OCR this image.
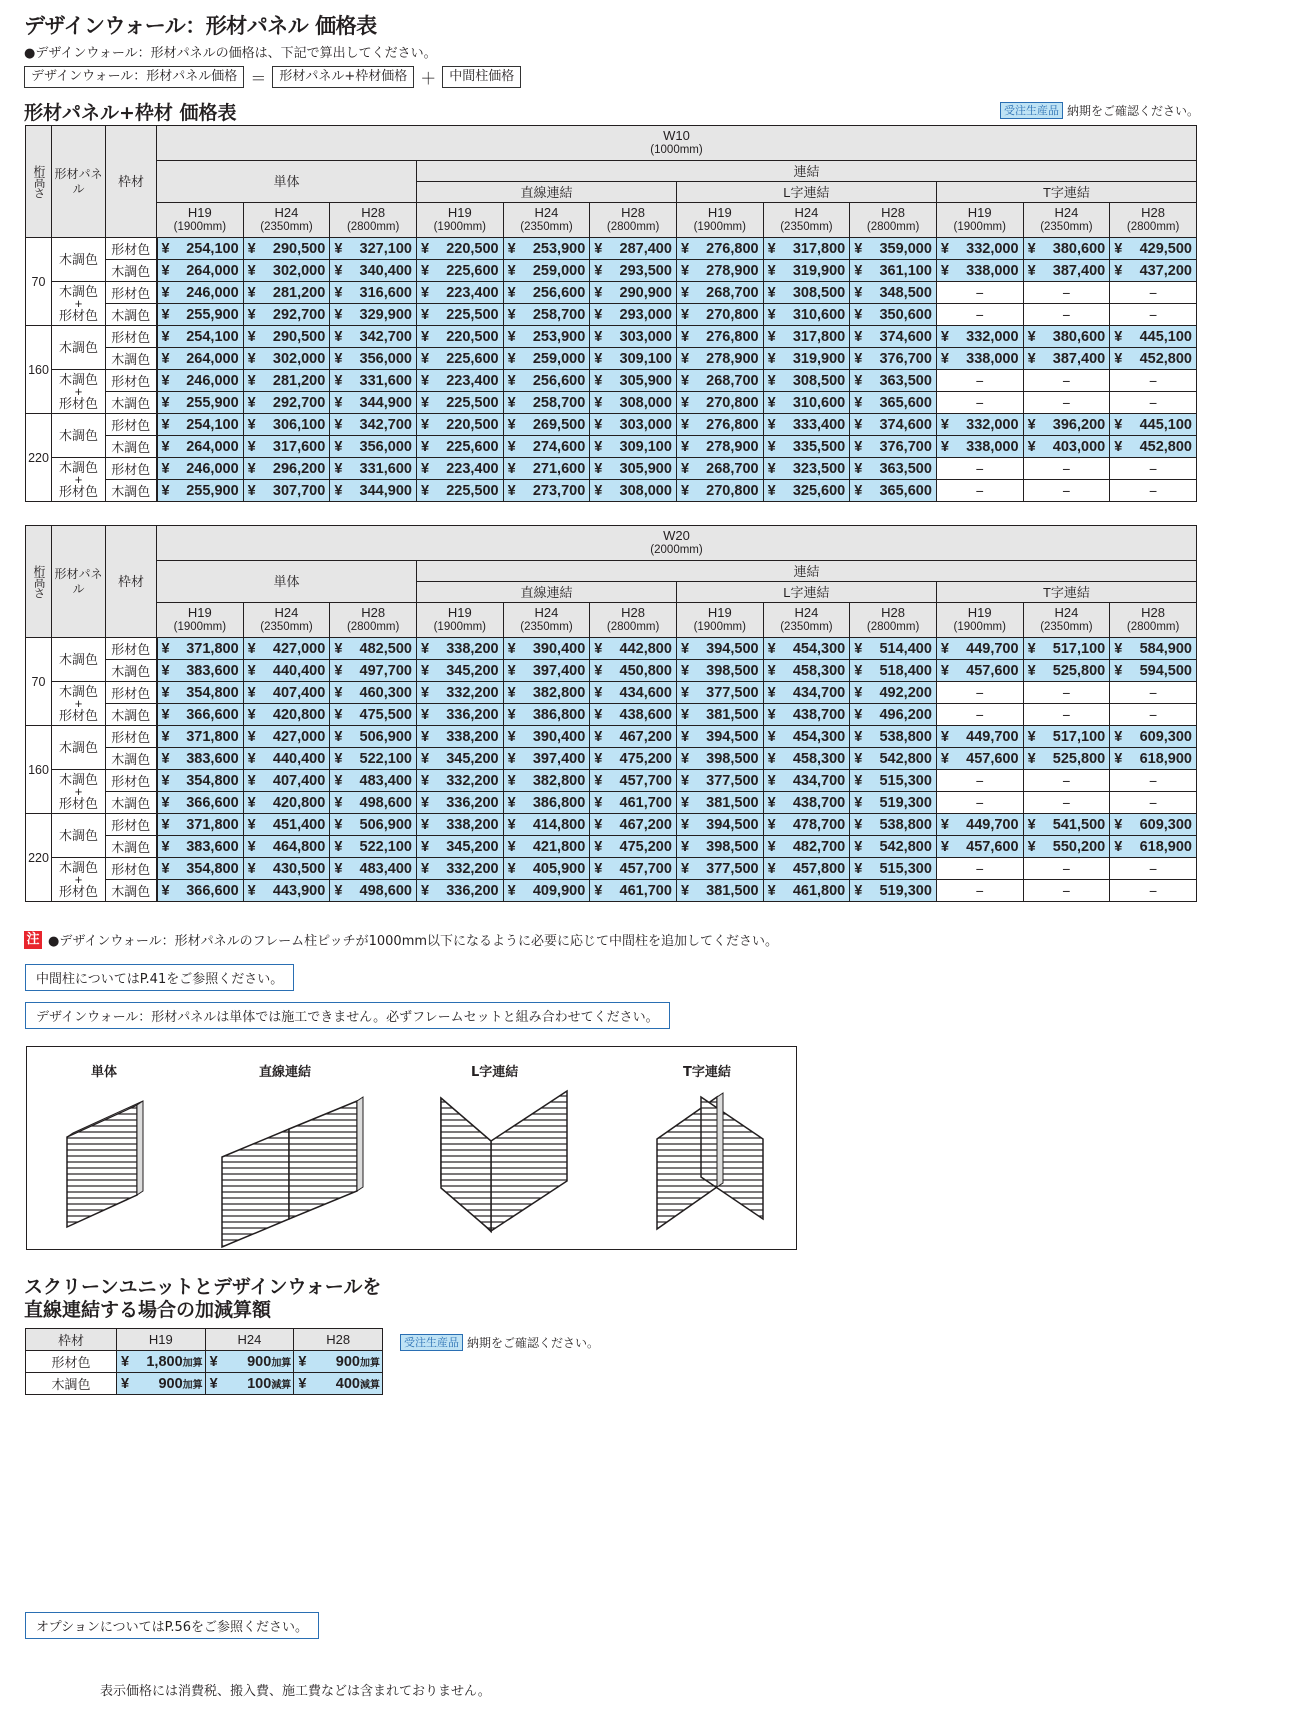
デザインウォール：形材パネル 価格表
●デザインウォール：形材パネルの価格は、下記で算出してください。
デザインウォール：形材パネル価格 ＝	形材パネル+枠材価格 ＋	中間柱価格
形材パネル+枠材 価格表	受注生産品 納期をご確認ください。
桁高さ	形材パネル	枠材	W10
(1000mm)											

			単体			連結								
						直線連結			L字連結			T字連結		

			H19
(1900mm)	H24
(2350mm)	H28
(2800mm)	H19
(1900mm)	H24
(2350mm)	H28
(2800mm)	H19
(1900mm)	H24
(2350mm)	H28
(2800mm)	H19
(1900mm)	H24
(2350mm)	H28
(2800mm)

70	木調色	形材色	¥ 254,100	¥ 290,500	¥ 327,100	¥ 220,500	¥ 253,900	¥ 287,400	¥ 276,800	¥ 317,800	¥ 359,000	¥ 332,000	¥ 380,600	¥ 429,500
		木調色	¥ 264,000	¥ 302,000	¥ 340,400	¥ 225,600	¥ 259,000	¥ 293,500	¥ 278,900	¥ 319,900	¥ 361,100	¥ 338,000	¥ 387,400	¥ 437,200
	木調色
+
形材色	形材色	¥ 246,000	¥ 281,200	¥ 316,600	¥ 223,400	¥ 256,600	¥ 290,900	¥ 268,700	¥ 308,500	¥ 348,500	−	−	−
		木調色	¥ 255,900	¥ 292,700	¥ 329,900	¥ 225,500	¥ 258,700	¥ 293,000	¥ 270,800	¥ 310,600	¥ 350,600	−	−	−
160	木調色	形材色	¥ 254,100	¥ 290,500	¥ 342,700	¥ 220,500	¥ 253,900	¥ 303,000	¥ 276,800	¥ 317,800	¥ 374,600	¥ 332,000	¥ 380,600	¥ 445,100
		木調色	¥ 264,000	¥ 302,000	¥ 356,000	¥ 225,600	¥ 259,000	¥ 309,100	¥ 278,900	¥ 319,900	¥ 376,700	¥ 338,000	¥ 387,400	¥ 452,800
	木調色
+
形材色	形材色	¥ 246,000	¥ 281,200	¥ 331,600	¥ 223,400	¥ 256,600	¥ 305,900	¥ 268,700	¥ 308,500	¥ 363,500	−	−	−
		木調色	¥ 255,900	¥ 292,700	¥ 344,900	¥ 225,500	¥ 258,700	¥ 308,000	¥ 270,800	¥ 310,600	¥ 365,600	−	−	−
220	木調色	形材色	¥ 254,100	¥ 306,100	¥ 342,700	¥ 220,500	¥ 269,500	¥ 303,000	¥ 276,800	¥ 333,400	¥ 374,600	¥ 332,000	¥ 396,200	¥ 445,100
		木調色	¥ 264,000	¥ 317,600	¥ 356,000	¥ 225,600	¥ 274,600	¥ 309,100	¥ 278,900	¥ 335,500	¥ 376,700	¥ 338,000	¥ 403,000	¥ 452,800
	木調色
+
形材色	形材色	¥ 246,000	¥ 296,200	¥ 331,600	¥ 223,400	¥ 271,600	¥ 305,900	¥ 268,700	¥ 323,500	¥ 363,500	−	−	−
		木調色	¥ 255,900	¥ 307,700	¥ 344,900	¥ 225,500	¥ 273,700	¥ 308,000	¥ 270,800	¥ 325,600	¥ 365,600	−	−	−
桁高さ	形材パネル	枠材	W20
(2000mm)											

			単体			連結								
						直線連結			L字連結			T字連結		

			H19
(1900mm)	H24
(2350mm)	H28
(2800mm)	H19
(1900mm)	H24
(2350mm)	H28
(2800mm)	H19
(1900mm)	H24
(2350mm)	H28
(2800mm)	H19
(1900mm)	H24
(2350mm)	H28
(2800mm)

70	木調色	形材色	¥ 371,800	¥ 427,000	¥ 482,500	¥ 338,200	¥ 390,400	¥ 442,800	¥ 394,500	¥ 454,300	¥ 514,400	¥ 449,700	¥ 517,100	¥ 584,900
		木調色	¥ 383,600	¥ 440,400	¥ 497,700	¥ 345,200	¥ 397,400	¥ 450,800	¥ 398,500	¥ 458,300	¥ 518,400	¥ 457,600	¥ 525,800	¥ 594,500
	木調色
+
形材色	形材色	¥ 354,800	¥ 407,400	¥ 460,300	¥ 332,200	¥ 382,800	¥ 434,600	¥ 377,500	¥ 434,700	¥ 492,200	−	−	−
		木調色	¥ 366,600	¥ 420,800	¥ 475,500	¥ 336,200	¥ 386,800	¥ 438,600	¥ 381,500	¥ 438,700	¥ 496,200	−	−	−
160	木調色	形材色	¥ 371,800	¥ 427,000	¥ 506,900	¥ 338,200	¥ 390,400	¥ 467,200	¥ 394,500	¥ 454,300	¥ 538,800	¥ 449,700	¥ 517,100	¥ 609,300
		木調色	¥ 383,600	¥ 440,400	¥ 522,100	¥ 345,200	¥ 397,400	¥ 475,200	¥ 398,500	¥ 458,300	¥ 542,800	¥ 457,600	¥ 525,800	¥ 618,900
	木調色
+
形材色	形材色	¥ 354,800	¥ 407,400	¥ 483,400	¥ 332,200	¥ 382,800	¥ 457,700	¥ 377,500	¥ 434,700	¥ 515,300	−	−	−
		木調色	¥ 366,600	¥ 420,800	¥ 498,600	¥ 336,200	¥ 386,800	¥ 461,700	¥ 381,500	¥ 438,700	¥ 519,300	−	−	−
220	木調色	形材色	¥ 371,800	¥ 451,400	¥ 506,900	¥ 338,200	¥ 414,800	¥ 467,200	¥ 394,500	¥ 478,700	¥ 538,800	¥ 449,700	¥ 541,500	¥ 609,300
		木調色	¥ 383,600	¥ 464,800	¥ 522,100	¥ 345,200	¥ 421,800	¥ 475,200	¥ 398,500	¥ 482,700	¥ 542,800	¥ 457,600	¥ 550,200	¥ 618,900
	木調色
+
形材色	形材色	¥ 354,800	¥ 430,500	¥ 483,400	¥ 332,200	¥ 405,900	¥ 457,700	¥ 377,500	¥ 457,800	¥ 515,300	−	−	−
		木調色	¥ 366,600	¥ 443,900	¥ 498,600	¥ 336,200	¥ 409,900	¥ 461,700	¥ 381,500	¥ 461,800	¥ 519,300	−	−	−
注 ●デザインウォール：形材パネルのフレーム柱ピッチが1000mm以下になるように必要に応じて中間柱を追加してください。
中間柱についてはP.41をご参照ください。
デザインウォール：形材パネルは単体では施工できません。必ずフレームセットと組み合わせてください。
単体	直線連結	L字連結	T字連結
スクリーンユニットとデザインウォールを
直線連結する場合の加減算額
受注生産品 納期をご確認ください。
枠材	H19	H24	H28
形材色	¥ 1,800加算	¥ 900加算	¥ 900加算
木調色	¥ 900加算	¥ 100減算	¥ 400減算
オプションについてはP.56をご参照ください。
表示価格には消費税、搬入費、施工費などは含まれておりません。
